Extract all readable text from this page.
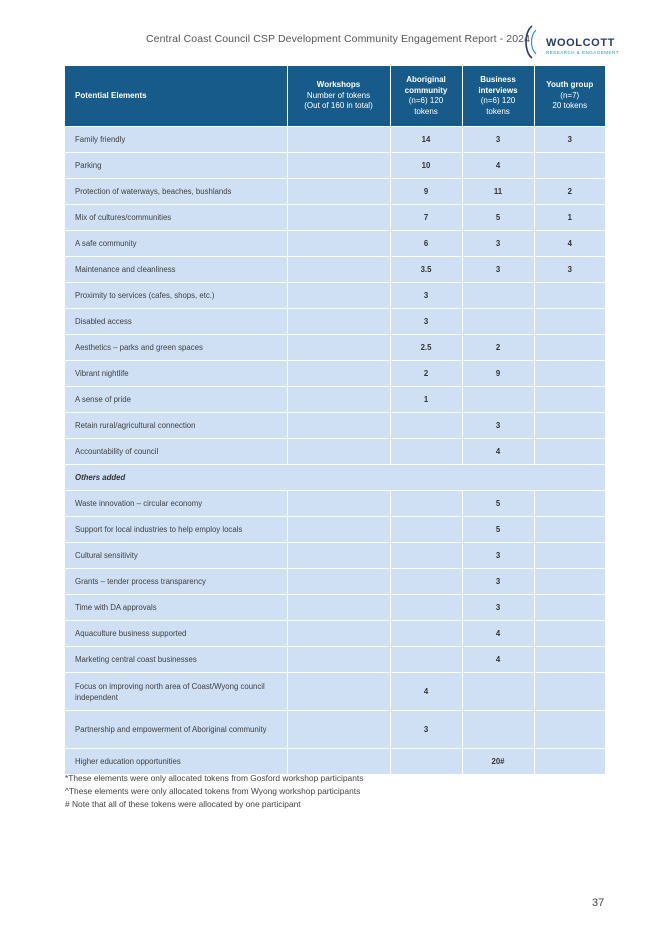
Central Coast Council CSP Development Community Engagement Report - 2024 WOOLCOTT
RESEARCH & ENGAGEMENT
Potential Elements	Workshops
Number of tokens
(Out of 160 in total)	Aboriginal
community
(n=6) 120
tokens	Business
interviews
(n=6) 120
tokens	Youth group
(n=7)
20 tokens

Family friendly		14	3	3
Parking		10	4	
Protection of waterways, beaches, bushlands		9	11	2
Mix of cultures/communities		7	5	1
A safe community		6	3	4
Maintenance and cleanliness		3.5	3	3
Proximity to services (cafes, shops, etc.)		3		
Disabled access		3		
Aesthetics – parks and green spaces		2.5	2	
Vibrant nightlife		2	9	
A sense of pride		1		
Retain rural/agricultural connection			3	
Accountability of council			4	
Others added				
Waste innovation – circular economy			5	
Support for local industries to help employ locals			5	
Cultural sensitivity			3	
Grants – tender process transparency			3	
Time with DA approvals			3	
Aquaculture business supported			4	
Marketing central coast businesses			4	
Focus on improving north area of Coast/Wyong council independent		4		
Partnership and empowerment of Aboriginal community		3		
Higher education opportunities			20#	
*These elements were only allocated tokens from Gosford workshop participants
^These elements were only allocated tokens from Wyong workshop participants
# Note that all of these tokens were allocated by one participant
37
